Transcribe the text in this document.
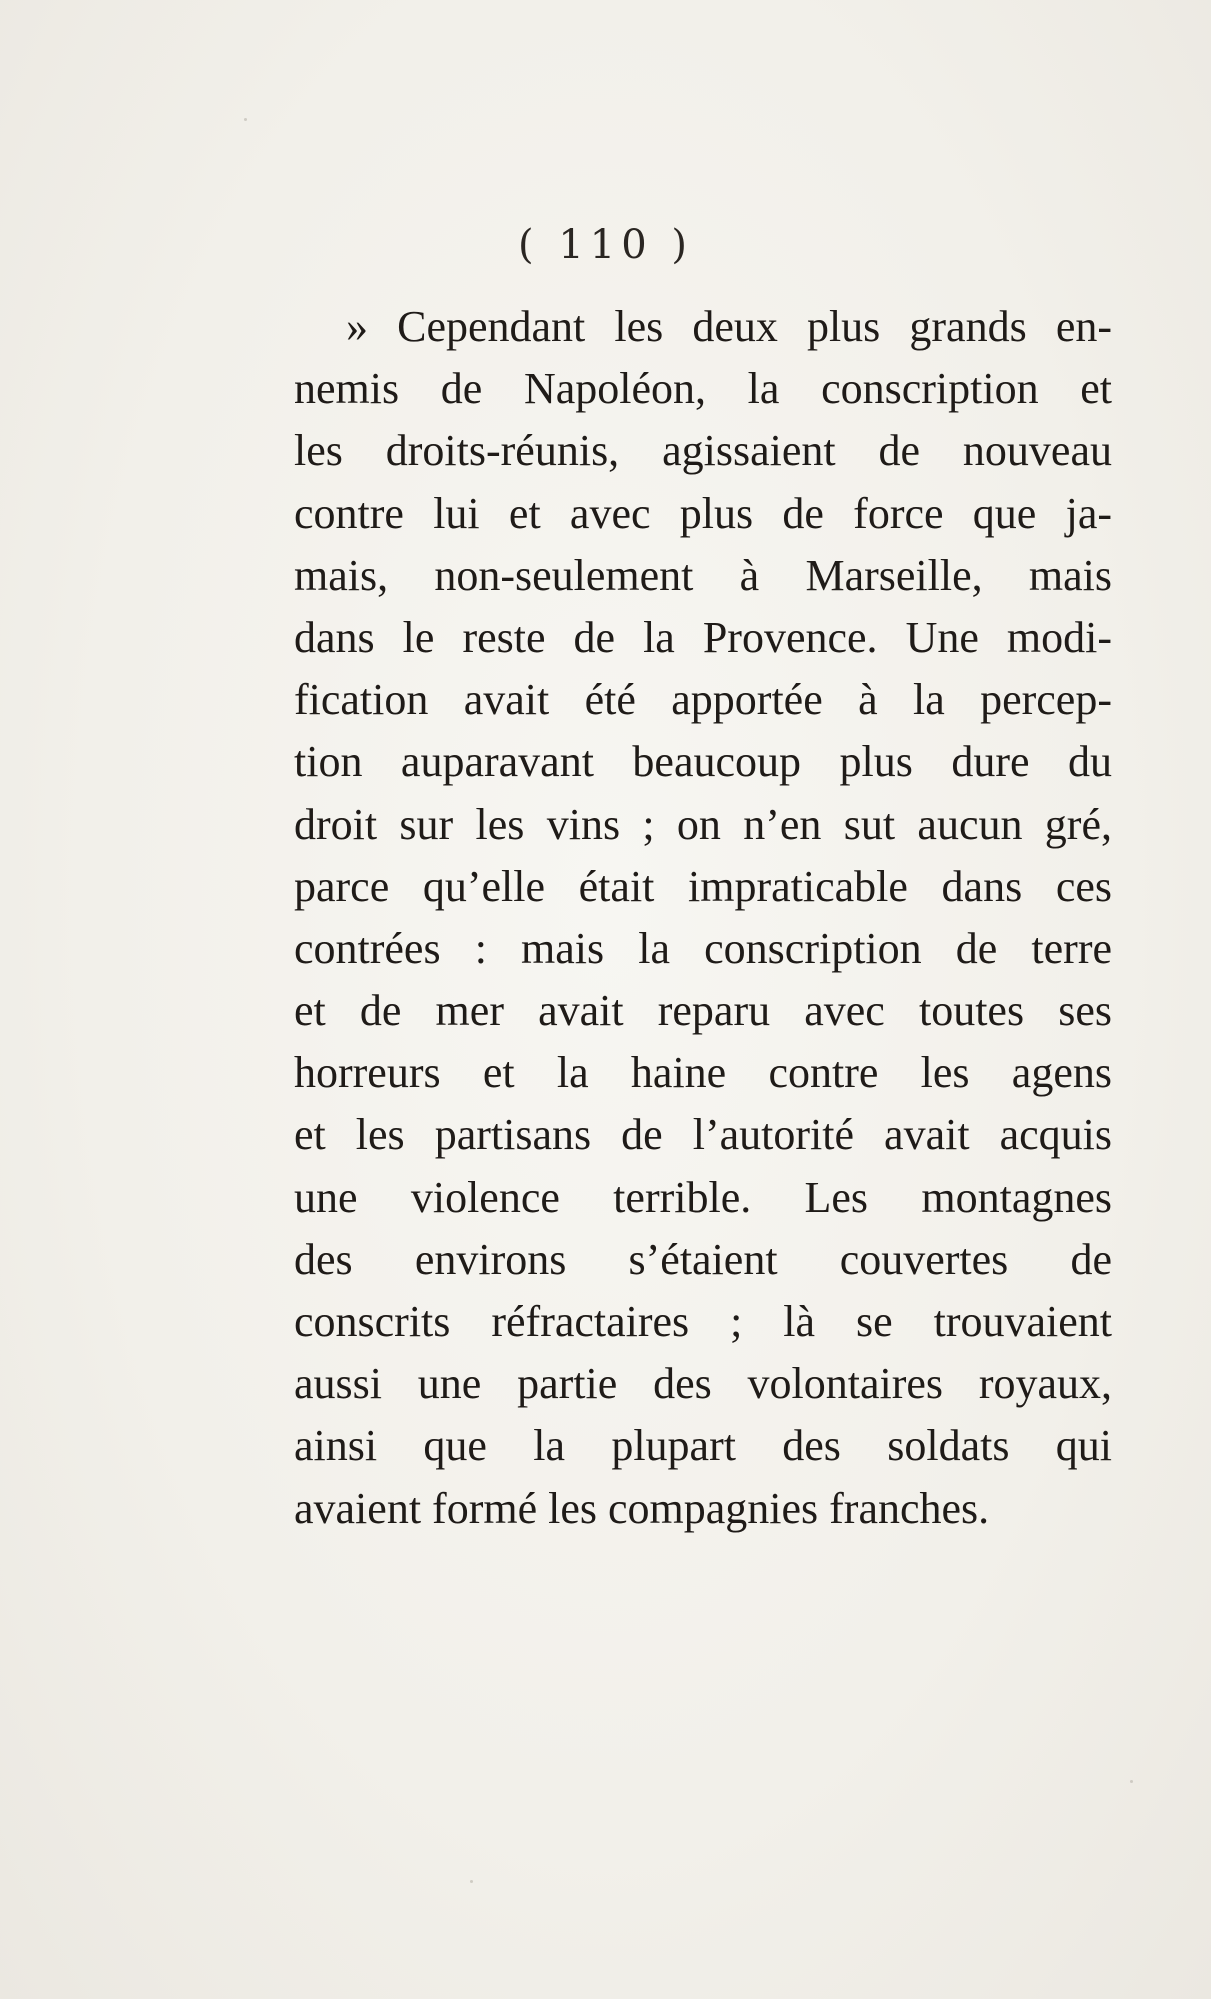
( 110 )
» Cependant les deux plus grands en-
nemis de Napoléon, la conscription et
les droits-réunis, agissaient de nouveau
contre lui et avec plus de force que ja-
mais, non-seulement à Marseille, mais
dans le reste de la Provence. Une modi-
fication avait été apportée à la percep-
tion auparavant beaucoup plus dure du
droit sur les vins ; on n’en sut aucun gré,
parce qu’elle était impraticable dans ces
contrées : mais la conscription de terre
et de mer avait reparu avec toutes ses
horreurs et la haine contre les agens
et les partisans de l’autorité avait acquis
une violence terrible. Les montagnes
des environs s’étaient couvertes de
conscrits réfractaires ; là se trouvaient
aussi une partie des volontaires royaux,
ainsi que la plupart des soldats qui
avaient formé les compagnies franches.
